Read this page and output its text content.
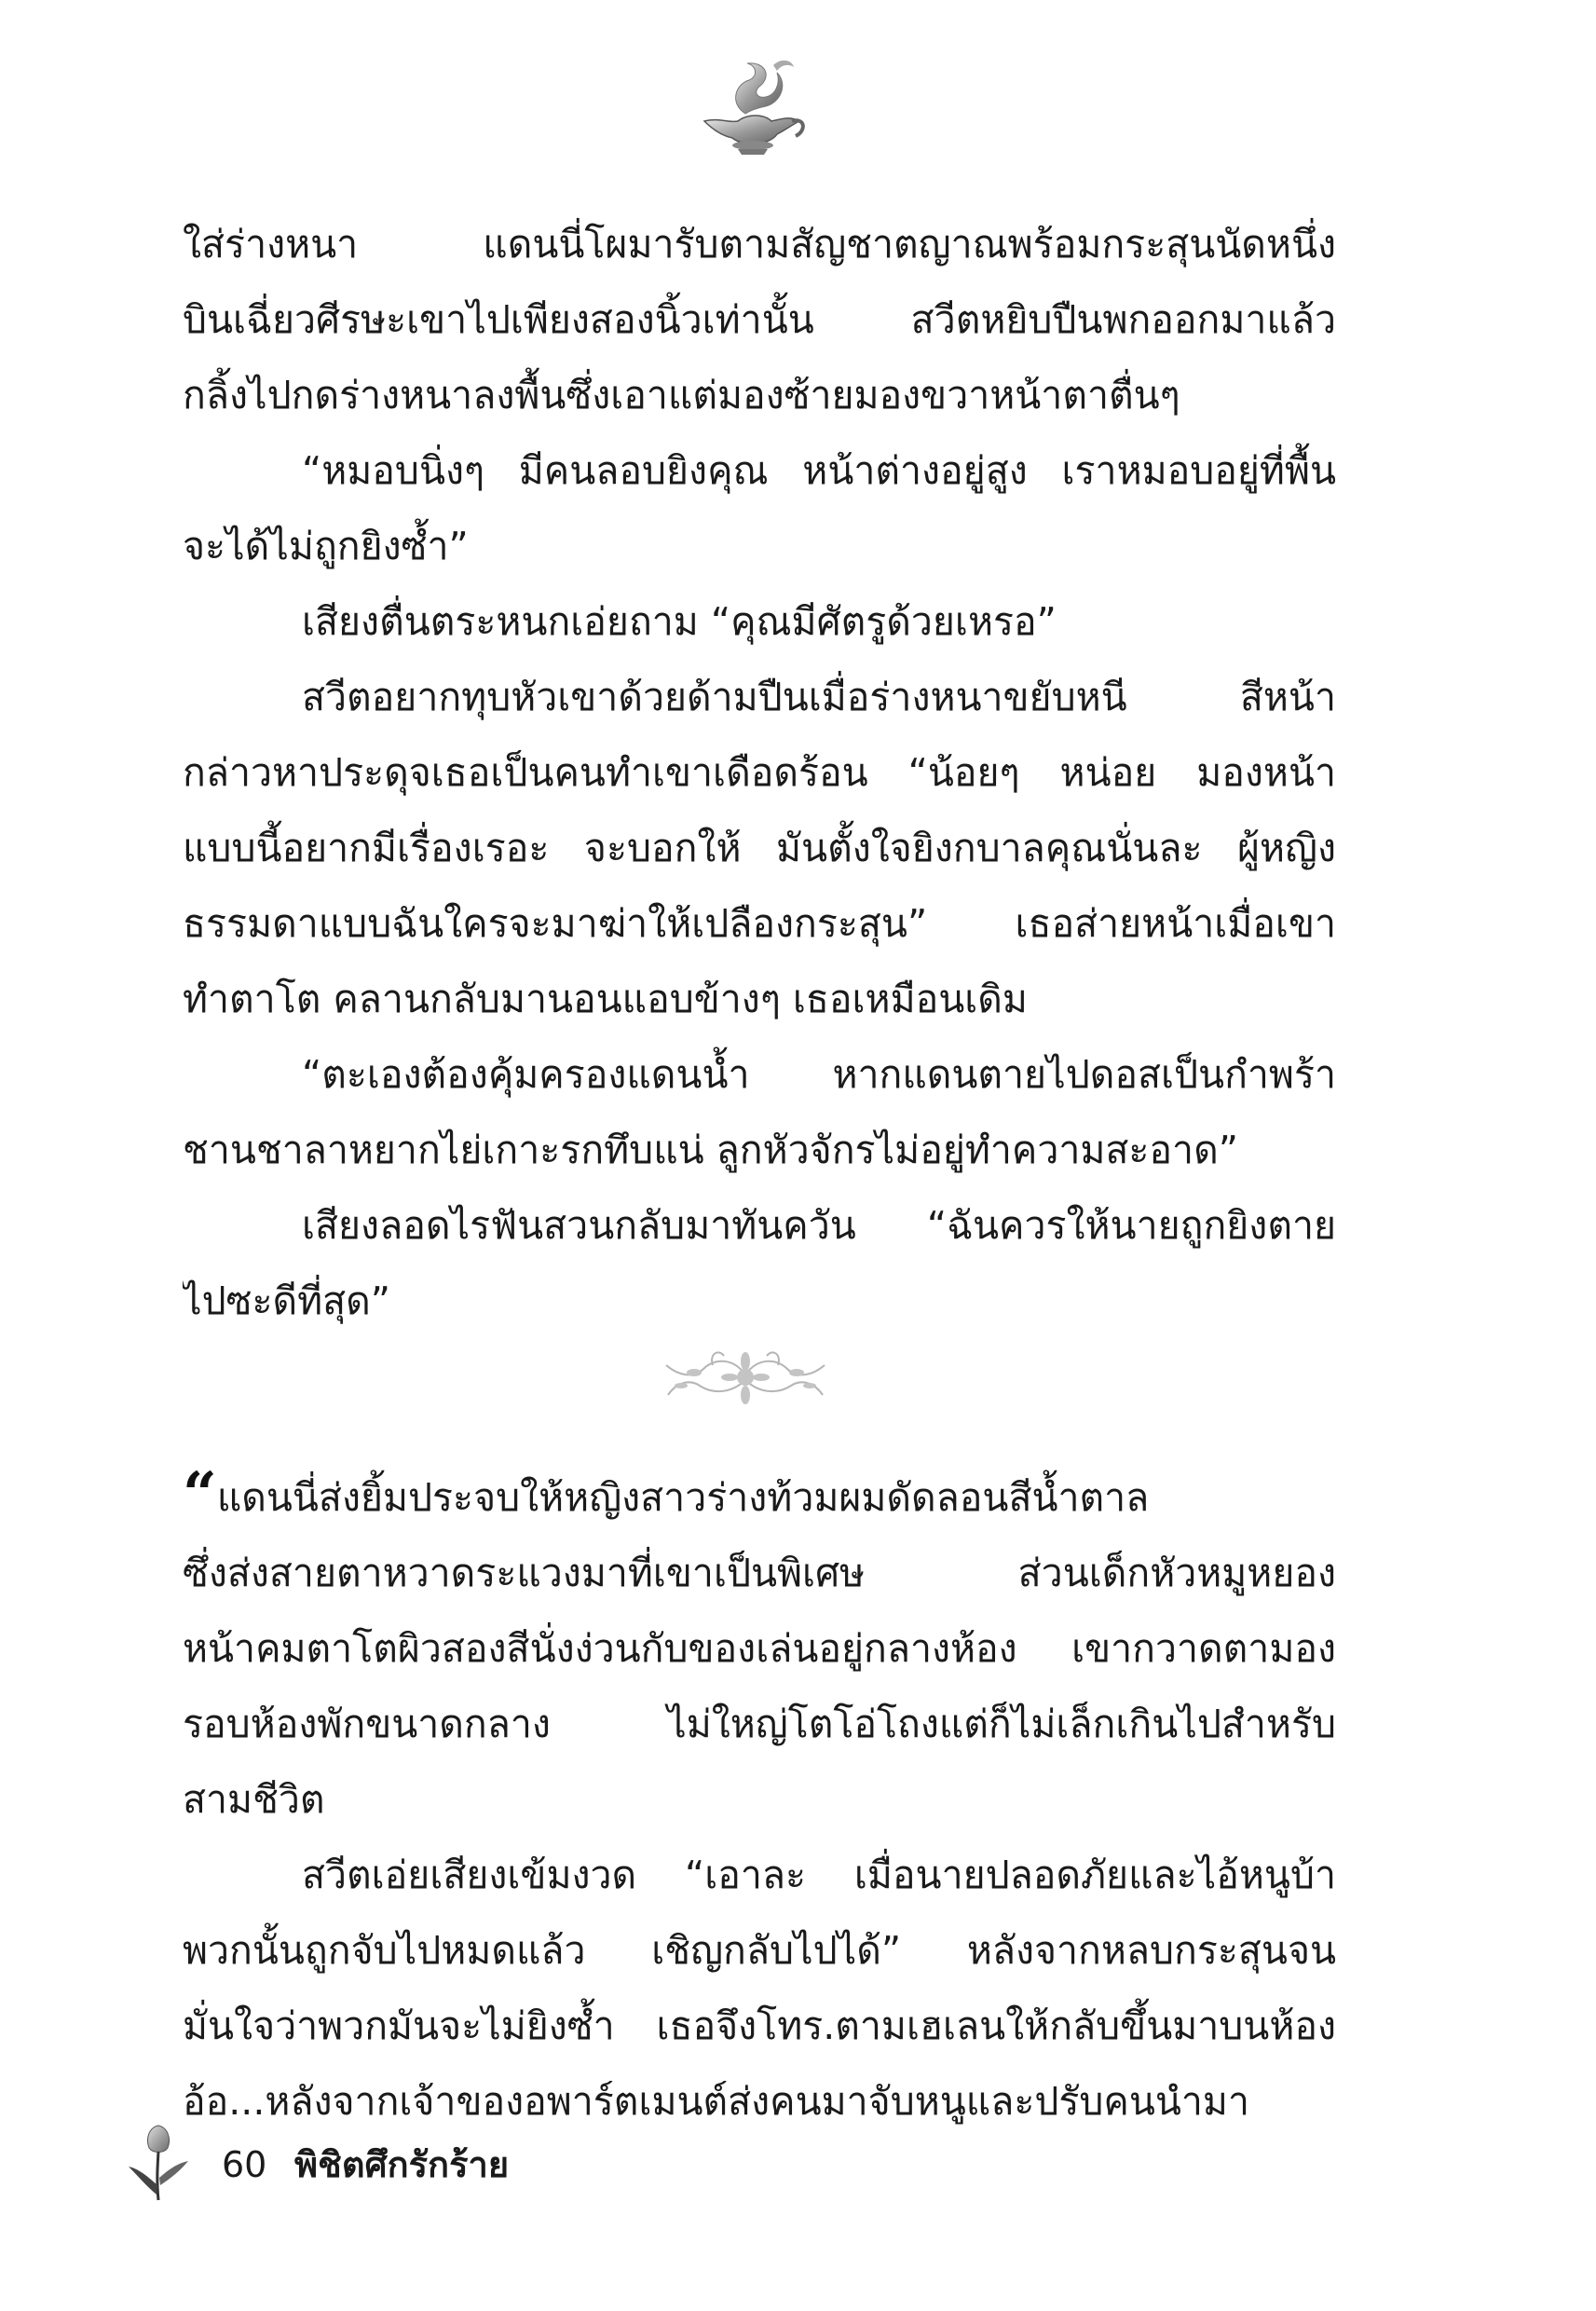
ใส่ร่างหนา แดนนี่โผมารับตามสัญชาตญาณพร้อมกระสุนนัดหนึ่ง
บินเฉี่ยวศีรษะเขาไปเพียงสองนิ้วเท่านั้น สวีตหยิบปืนพกออกมาแล้ว
กลิ้งไปกดร่างหนาลงพื้นซึ่งเอาแต่มองซ้ายมองขวาหน้าตาตื่นๆ
“หมอบนิ่งๆ มีคนลอบยิงคุณ หน้าต่างอยู่สูง เราหมอบอยู่ที่พื้น
จะได้ไม่ถูกยิงซ้ำ”
เสียงตื่นตระหนกเอ่ยถาม “คุณมีศัตรูด้วยเหรอ”
สวีตอยากทุบหัวเขาด้วยด้ามปืนเมื่อร่างหนาขยับหนี สีหน้า
กล่าวหาประดุจเธอเป็นคนทำเขาเดือดร้อน “น้อยๆ หน่อย มองหน้า
แบบนี้อยากมีเรื่องเรอะ จะบอกให้ มันตั้งใจยิงกบาลคุณนั่นละ ผู้หญิง
ธรรมดาแบบฉันใครจะมาฆ่าให้เปลืองกระสุน” เธอส่ายหน้าเมื่อเขา
ทำตาโต คลานกลับมานอนแอบข้างๆ เธอเหมือนเดิม
“ตะเองต้องคุ้มครองแดนน้ำ หากแดนตายไปดอสเป็นกำพร้า
ชานชาลาหยากไย่เกาะรกทึบแน่ ลูกหัวจักรไม่อยู่ทำความสะอาด”
เสียงลอดไรฟันสวนกลับมาทันควัน “ฉันควรให้นายถูกยิงตาย
ไปซะดีที่สุด”
“ แดนนี่ส่งยิ้มประจบให้หญิงสาวร่างท้วมผมดัดลอนสีน้ำตาล
ซึ่งส่งสายตาหวาดระแวงมาที่เขาเป็นพิเศษ ส่วนเด็กหัวหมูหยอง
หน้าคมตาโตผิวสองสีนั่งง่วนกับของเล่นอยู่กลางห้อง เขากวาดตามอง
รอบห้องพักขนาดกลาง ไม่ใหญ่โตโอ่โถงแต่ก็ไม่เล็กเกินไปสำหรับ
สามชีวิต
สวีตเอ่ยเสียงเข้มงวด “เอาละ เมื่อนายปลอดภัยและไอ้หนูบ้า
พวกนั้นถูกจับไปหมดแล้ว เชิญกลับไปได้” หลังจากหลบกระสุนจน
มั่นใจว่าพวกมันจะไม่ยิงซ้ำ เธอจึงโทร.ตามเฮเลนให้กลับขึ้นมาบนห้อง
อ้อ...หลังจากเจ้าของอพาร์ตเมนต์ส่งคนมาจับหนูและปรับคนนำมา
60 พิชิตศึกรักร้าย
